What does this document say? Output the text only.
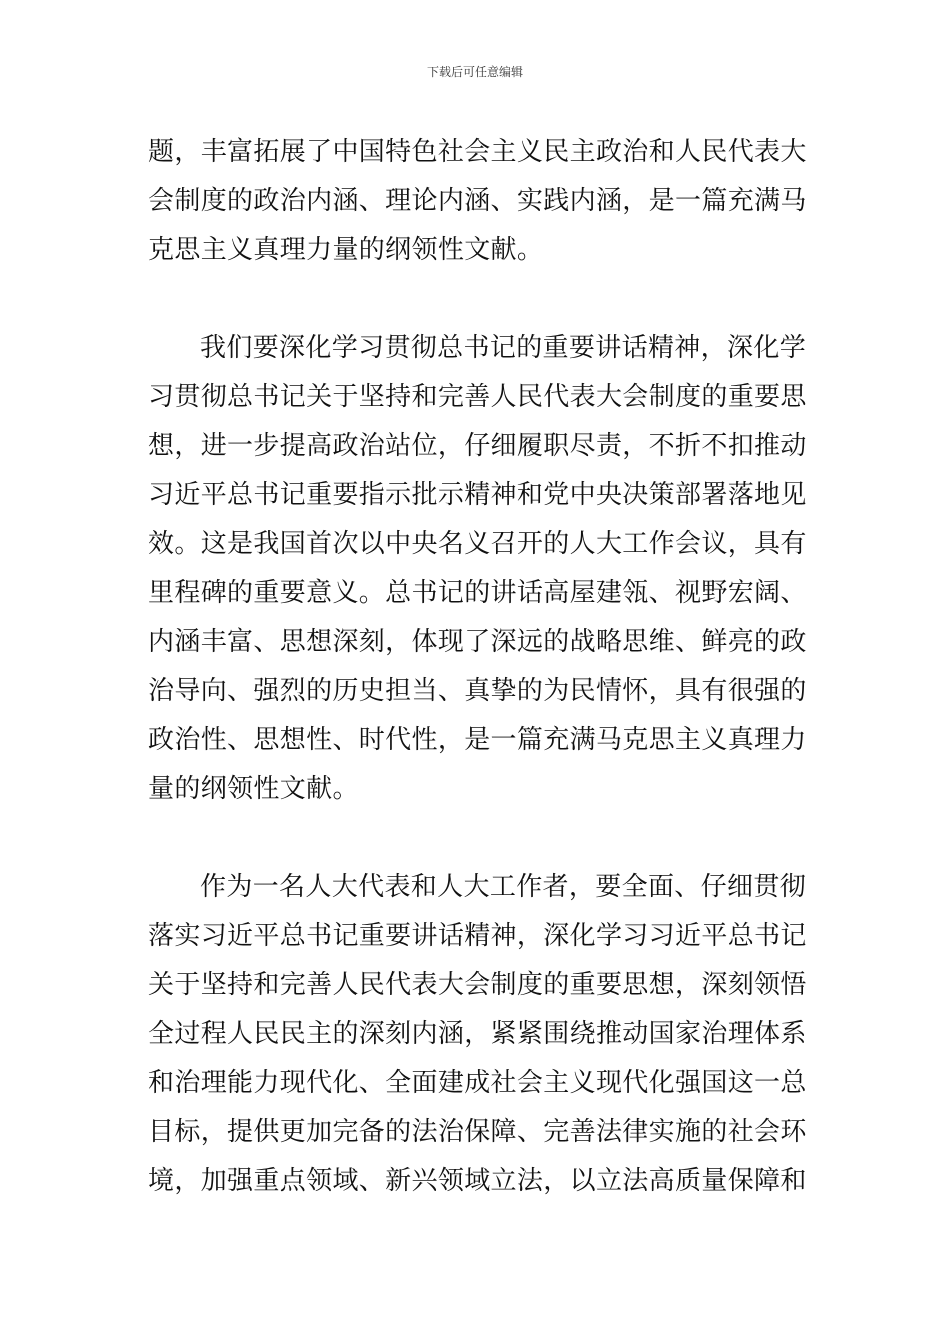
下载后可任意编辑
题，丰富拓展了中国特色社会主义民主政治和人民代表大
会制度的政治内涵、理论内涵、实践内涵，是一篇充满马
克思主义真理力量的纲领性文献。
我们要深化学习贯彻总书记的重要讲话精神，深化学
习贯彻总书记关于坚持和完善人民代表大会制度的重要思
想，进一步提高政治站位，仔细履职尽责，不折不扣推动
习近平总书记重要指示批示精神和党中央决策部署落地见
效。这是我国首次以中央名义召开的人大工作会议，具有
里程碑的重要意义。总书记的讲话高屋建瓴、视野宏阔、
内涵丰富、思想深刻，体现了深远的战略思维、鲜亮的政
治导向、强烈的历史担当、真挚的为民情怀，具有很强的
政治性、思想性、时代性，是一篇充满马克思主义真理力
量的纲领性文献。
作为一名人大代表和人大工作者，要全面、仔细贯彻
落实习近平总书记重要讲话精神，深化学习习近平总书记
关于坚持和完善人民代表大会制度的重要思想，深刻领悟
全过程人民民主的深刻内涵，紧紧围绕推动国家治理体系
和治理能力现代化、全面建成社会主义现代化强国这一总
目标，提供更加完备的法治保障、完善法律实施的社会环
境，加强重点领域、新兴领域立法，以立法高质量保障和
